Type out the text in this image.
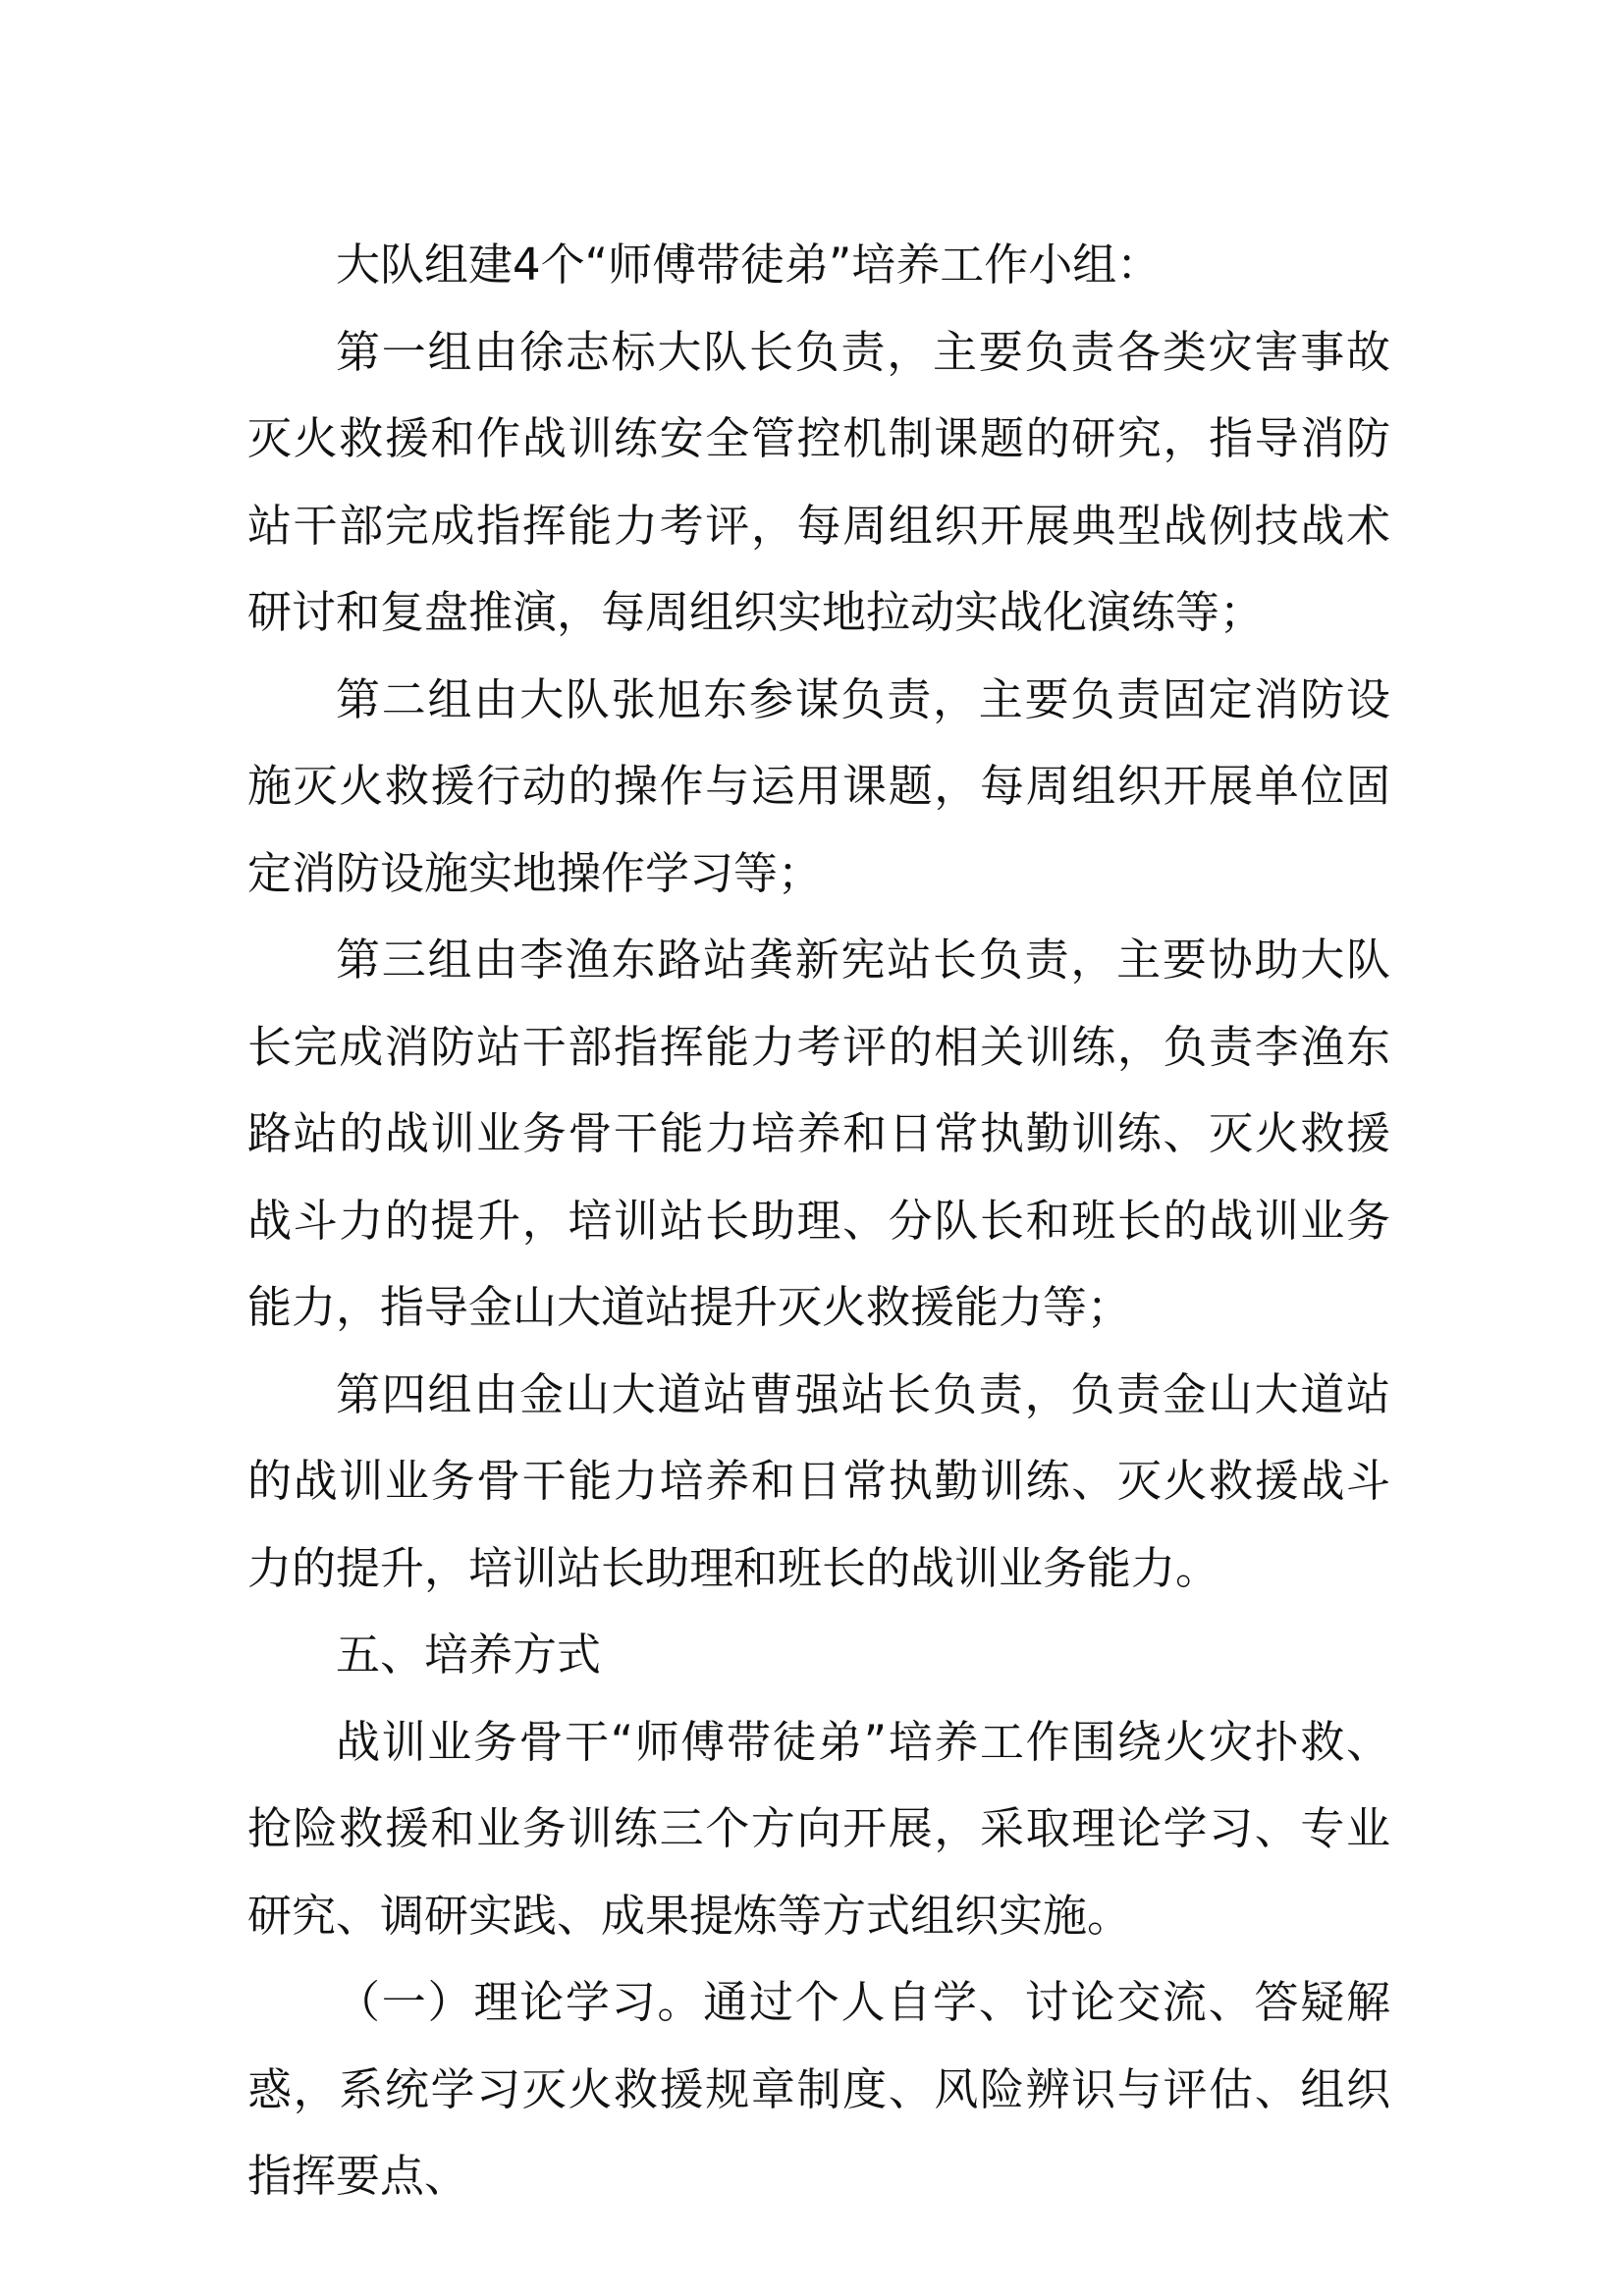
大队组建4个“师傅带徒弟”培养工作小组：

第一组由徐志标大队长负责，主要负责各类灾害事故灭火救援和作战训练安全管控机制课题的研究，指导消防站干部完成指挥能力考评，每周组织开展典型战例技战术研讨和复盘推演，每周组织实地拉动实战化演练等；

第二组由大队张旭东参谋负责，主要负责固定消防设施灭火救援行动的操作与运用课题，每周组织开展单位固定消防设施实地操作学习等；

第三组由李渔东路站龚新宪站长负责，主要协助大队长完成消防站干部指挥能力考评的相关训练，负责李渔东路站的战训业务骨干能力培养和日常执勤训练、灭火救援战斗力的提升，培训站长助理、分队长和班长的战训业务能力，指导金山大道站提升灭火救援能力等；

第四组由金山大道站曹强站长负责，负责金山大道站的战训业务骨干能力培养和日常执勤训练、灭火救援战斗力的提升，培训站长助理和班长的战训业务能力。

五、培养方式

战训业务骨干“师傅带徒弟”培养工作围绕火灾扑救、抢险救援和业务训练三个方向开展，采取理论学习、专业研究、调研实践、成果提炼等方式组织实施。

（一）理论学习。通过个人自学、讨论交流、答疑解惑，系统学习灭火救援规章制度、风险辨识与评估、组织指挥要点、
